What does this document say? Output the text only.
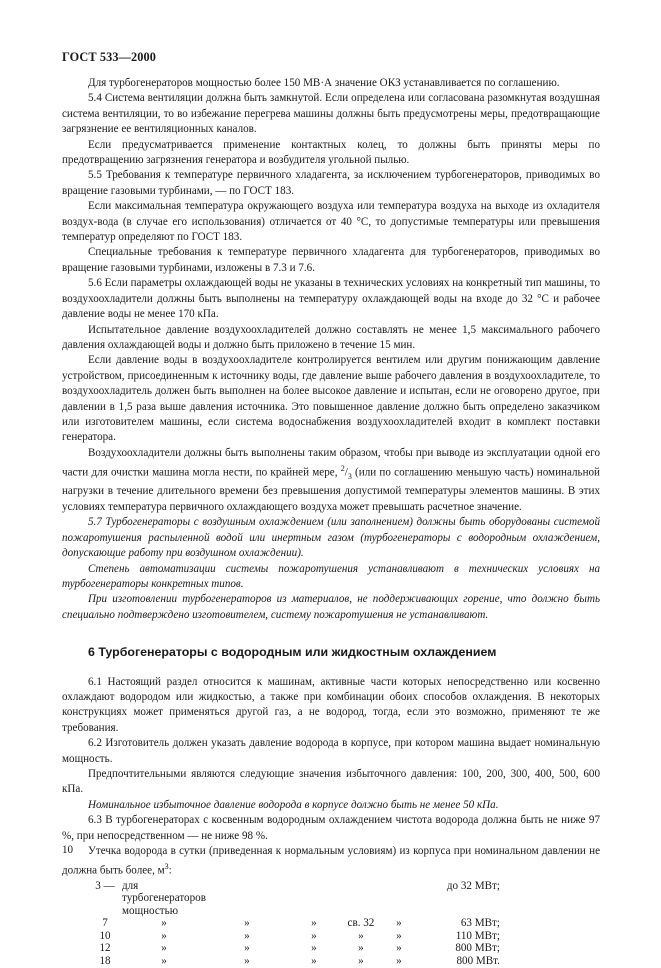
ГОСТ 533—2000

Для турбогенераторов мощностью более 150 МВ·А значение ОКЗ устанавливается по соглашению.

5.4 Система вентиляции должна быть замкнутой. Если определена или согласована разомкнутая воздушная система вентиляции, то во избежание перегрева машины должны быть предусмотрены меры, предотвращающие загрязнение ее вентиляционных каналов.

Если предусматривается применение контактных колец, то должны быть приняты меры по предотвращению загрязнения генератора и возбудителя угольной пылью.

5.5 Требования к температуре первичного хладагента, за исключением турбогенераторов, приводимых во вращение газовыми турбинами, — по ГОСТ 183.

Если максимальная температура окружающего воздуха или температура воздуха на выходе из охладителя воздух-вода (в случае его использования) отличается от 40 °С, то допустимые температуры или превышения температур определяют по ГОСТ 183.

Специальные требования к температуре первичного хладагента для турбогенераторов, приводимых во вращение газовыми турбинами, изложены в 7.3 и 7.6.

5.6 Если параметры охлаждающей воды не указаны в технических условиях на конкретный тип машины, то воздухоохладители должны быть выполнены на температуру охлаждающей воды на входе до 32 °С и рабочее давление воды не менее 170 кПа.

Испытательное давление воздухоохладителей должно составлять не менее 1,5 максимального рабочего давления охлаждающей воды и должно быть приложено в течение 15 мин.

Если давление воды в воздухоохладителе контролируется вентилем или другим понижающим давление устройством, присоединенным к источнику воды, где давление выше рабочего давления в воздухоохладителе, то воздухоохладитель должен быть выполнен на более высокое давление и испытан, если не оговорено другое, при давлении в 1,5 раза выше давления источника. Это повышенное давление должно быть определено заказчиком или изготовителем машины, если система водоснабжения воздухоохладителей входит в комплект поставки генератора.

Воздухоохладители должны быть выполнены таким образом, чтобы при выводе из эксплуатации одной его части для очистки машина могла нести, по крайней мере, $^2/_3$ (или по соглашению меньшую часть) номинальной нагрузки в течение длительного времени без превышения допустимой температуры элементов машины. В этих условиях температура первичного охлаждающего воздуха может превышать расчетное значение.

5.7 Турбогенераторы с воздушным охлаждением (или заполнением) должны быть оборудованы системой пожаротушения распыленной водой или инертным газом (турбогенераторы с водородным охлаждением, допускающие работу при воздушном охлаждении).

Степень автоматизации системы пожаротушения устанавливают в технических условиях на турбогенераторы конкретных типов.

При изготовлении турбогенераторов из материалов, не поддерживающих горение, что должно быть специально подтверждено изготовителем, систему пожаротушения не устанавливают.

6 Турбогенераторы с водородным или жидкостным охлаждением

6.1 Настоящий раздел относится к машинам, активные части которых непосредственно или косвенно охлаждают водородом или жидкостью, а также при комбинации обоих способов охлаждения. В некоторых конструкциях может применяться другой газ, а не водород, тогда, если это возможно, применяют те же требования.

6.2 Изготовитель должен указать давление водорода в корпусе, при котором машина выдает номинальную мощность.

Предпочтительными являются следующие значения избыточного давления: 100, 200, 300, 400, 500, 600 кПа.

Номинальное избыточное давление водорода в корпусе должно быть не менее 50 кПа.

6.3 В турбогенераторах с косвенным водородным охлаждением чистота водорода должна быть не ниже 97 %, при непосредственном — не ниже 98 %.

Утечка водорода в сутки (приведенная к нормальным условиям) из корпуса при номинальном давлении не должна быть более, $м^3$:

3 —	для турбогенераторов мощностью					до 32 МВт;
7	»	»	»	св. 32	»	63 МВт;
10	»	»	»	»	»	110 МВт;
12	»	»	»	»	»	800 МВт;
18	»	»	»	»	»	800 МВт.
10
